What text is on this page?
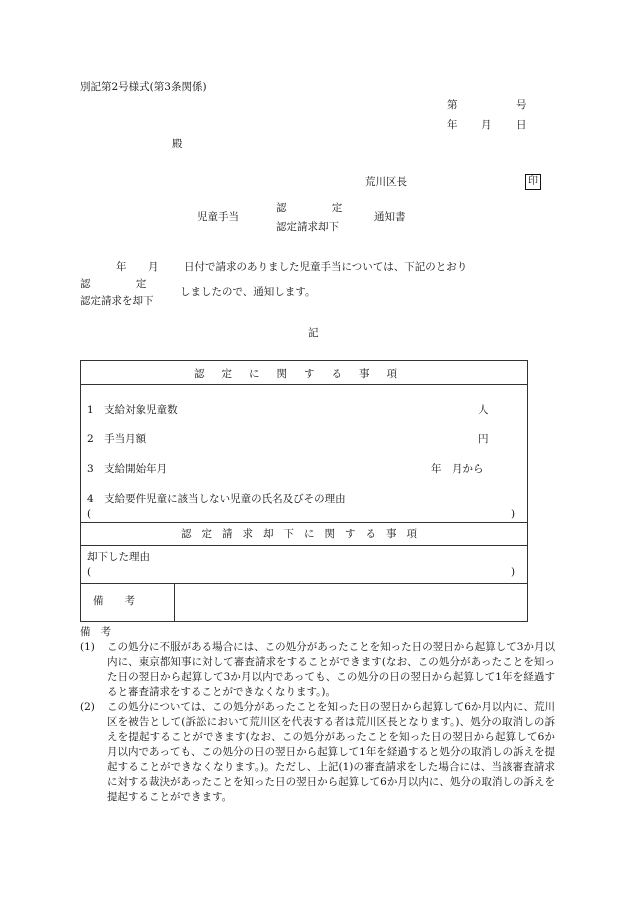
別記第2号様式(第3条関係)
第	号
年 月 日
殿
荒川区長	印
児童手当
認 定
認定請求却下
通知書
年 月 日付で請求のありました児童手当については、下記のとおり
認 定
認定請求を却下
しましたので、通知します。
記
認定に関する事項
1　支給対象児童数	人
2　手当月額	円
3　支給開始年月	年　月から
4　支給要件児童に該当しない児童の氏名及びその理由
(	)
認定請求却下に関する事項
却下した理由
(	)
備　　考
備考
(1) この処分に不服がある場合には、この処分があったことを知った日の翌日から起算して3か月以内に、東京都知事に対して審査請求をすることができます(なお、この処分があったことを知った日の翌日から起算して3か月以内であっても、この処分の日の翌日から起算して1年を経過すると審査請求をすることができなくなります。)。
(2) この処分については、この処分があったことを知った日の翌日から起算して6か月以内に、荒川区を被告として(訴訟において荒川区を代表する者は荒川区長となります。)、処分の取消しの訴えを提起することができます(なお、この処分があったことを知った日の翌日から起算して6か月以内であっても、この処分の日の翌日から起算して1年を経過すると処分の取消しの訴えを提起することができなくなります。)。ただし、上記(1)の審査請求をした場合には、当該審査請求に対する裁決があったことを知った日の翌日から起算して6か月以内に、処分の取消しの訴えを提起することができます。
